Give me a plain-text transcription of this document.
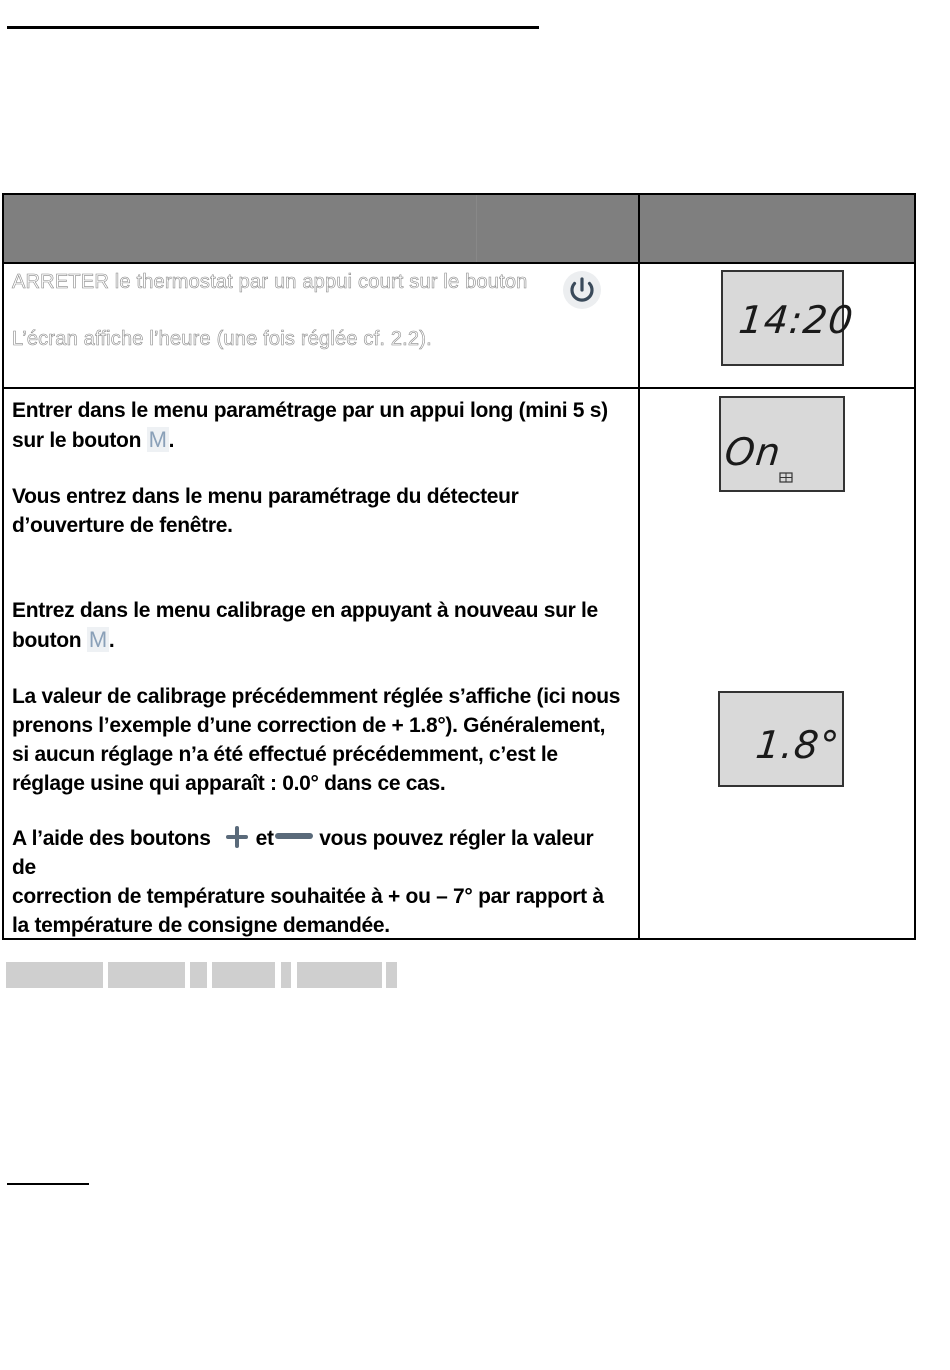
ARRETER le thermostat par un appui court sur le bouton
L’écran affiche l’heure (une fois réglée cf. 2.2).
Entrer dans le menu paramétrage par un appui long (mini 5 s)
sur le bouton M.
Vous entrez dans le menu paramétrage du détecteur
d’ouverture de fenêtre.
Entrez dans le menu calibrage en appuyant à nouveau sur le
bouton M.
La valeur de calibrage précédemment réglée s’affiche (ici nous
prenons l’exemple d’une correction de + 1.8°). Généralement,
si aucun réglage n’a été effectué précédemment, c’est le
réglage usine qui apparaît : 0.0° dans ce cas.
A l’aide des boutons et vous pouvez régler la valeur de
correction de température souhaitée à + ou – 7° par rapport à
la température de consigne demandée.
14:20
On
1.8°
